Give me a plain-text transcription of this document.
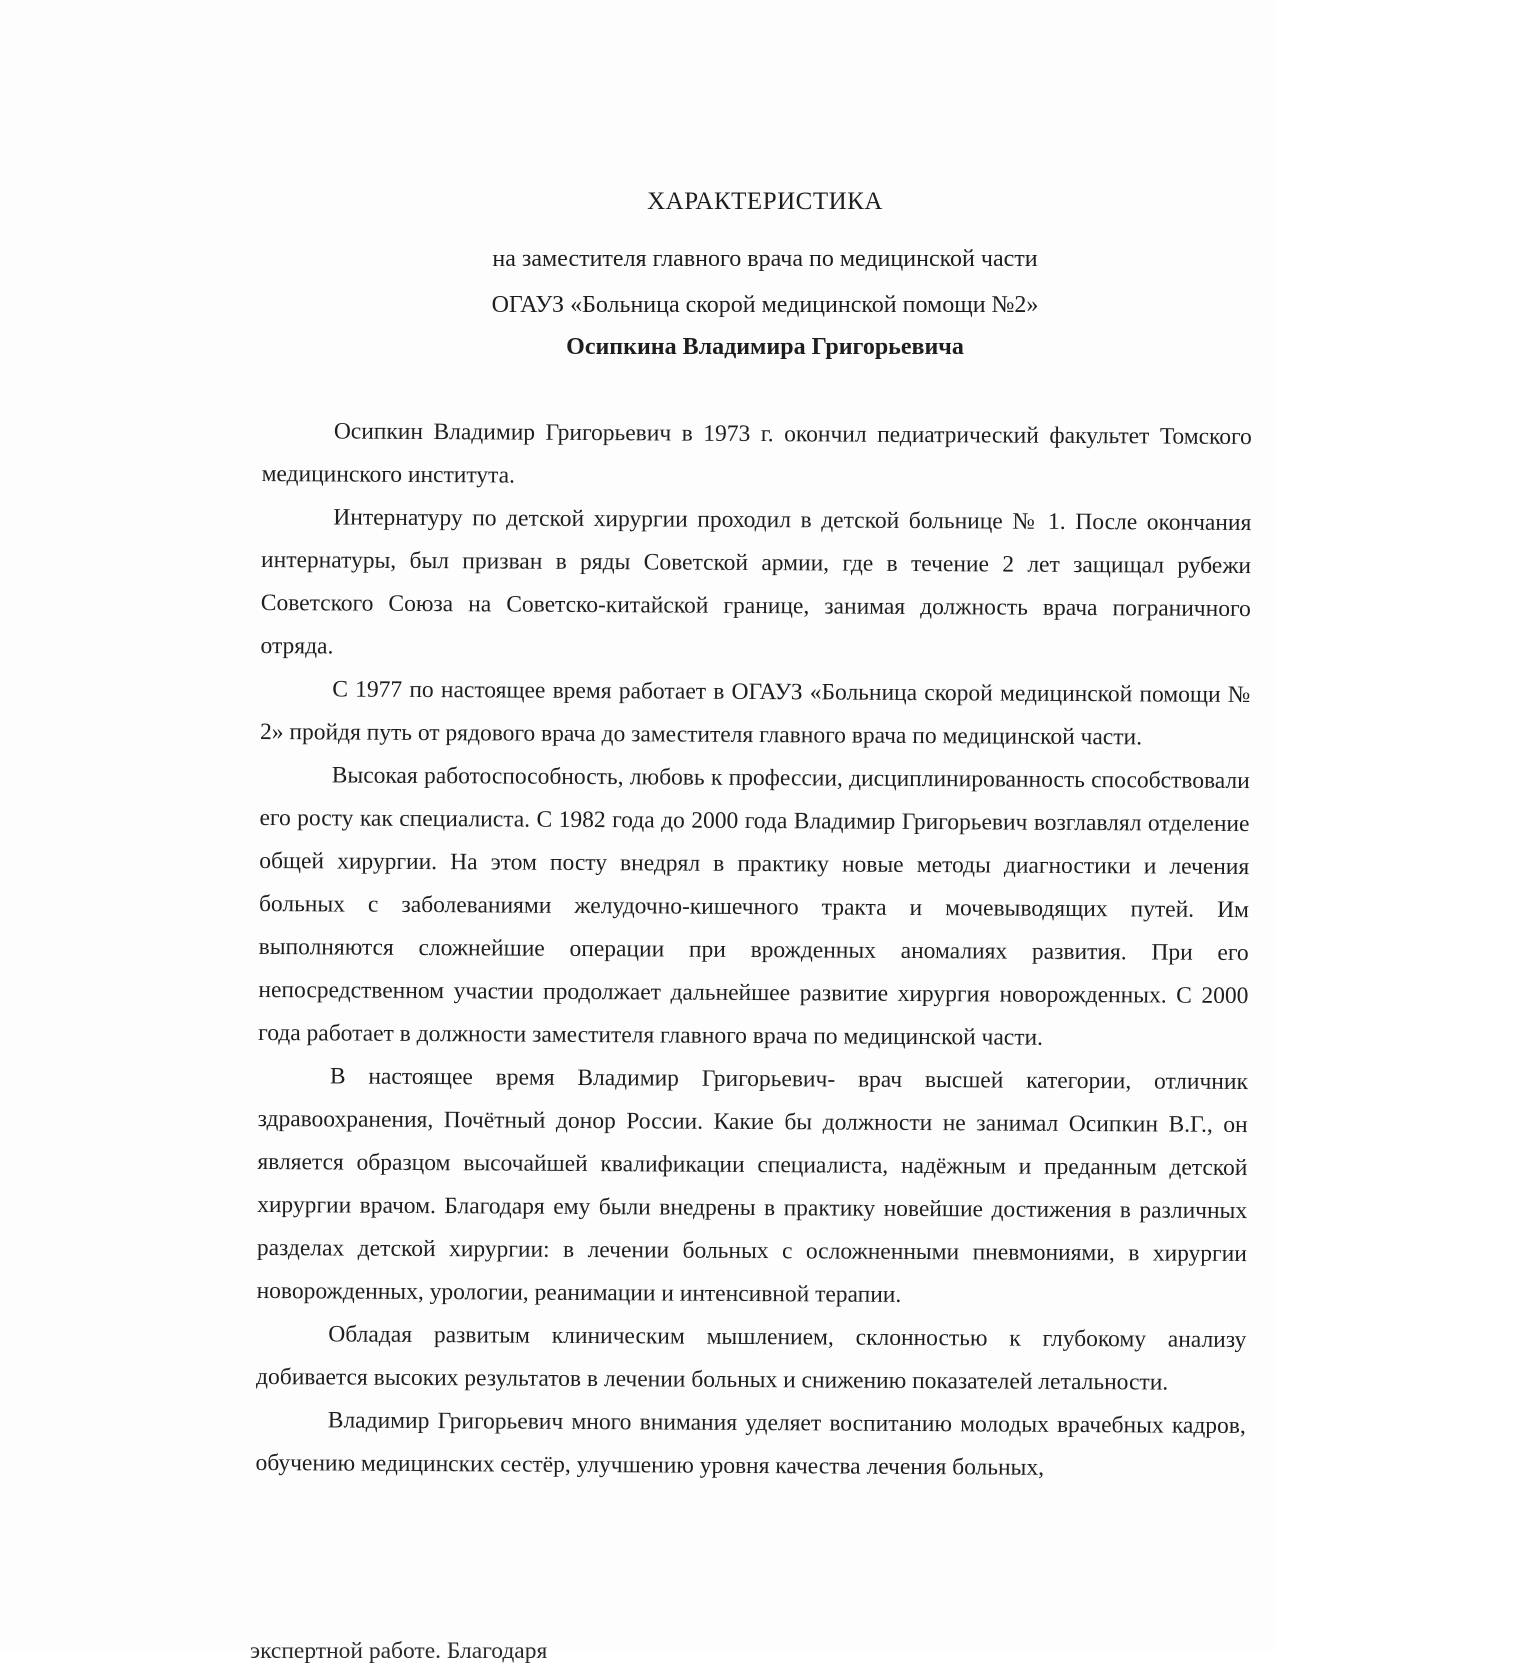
ХАРАКТЕРИСТИКА
на заместителя главного врача по медицинской части
ОГАУЗ «Больница скорой медицинской помощи №2»
Осипкина Владимира Григорьевича

Осипкин Владимир Григорьевич в 1973 г. окончил педиатрический факультет Томского медицинского института.

Интернатуру по детской хирургии проходил в детской больнице № 1. После окончания интернатуры, был призван в ряды Советской армии, где в течение 2 лет защищал рубежи Советского Союза на Советско-китайской границе, занимая должность врача пограничного отряда.

С 1977 по настоящее время работает в ОГАУЗ «Больница скорой медицинской помощи № 2» пройдя путь от рядового врача до заместителя главного врача по медицинской части.

Высокая работоспособность, любовь к профессии, дисциплинированность способствовали его росту как специалиста. С 1982 года до 2000 года Владимир Григорьевич возглавлял отделение общей хирургии. На этом посту внедрял в практику новые методы диагностики и лечения больных с заболеваниями желудочно-кишечного тракта и мочевыводящих путей. Им выполняются сложнейшие операции при врожденных аномалиях развития. При его непосредственном участии продолжает дальнейшее развитие хирургия новорожденных. С 2000 года работает в должности заместителя главного врача по медицинской части.

В настоящее время Владимир Григорьевич- врач высшей категории, отличник здравоохранения, Почётный донор России. Какие бы должности не занимал Осипкин В.Г., он является образцом высочайшей квалификации специалиста, надёжным и преданным детской хирургии врачом. Благодаря ему были внедрены в практику новейшие достижения в различных разделах детской хирургии: в лечении больных с осложненными пневмониями, в хирургии новорожденных, урологии, реанимации и интенсивной терапии.

Обладая развитым клиническим мышлением, склонностью к глубокому анализу добивается высоких результатов в лечении больных и снижению показателей летальности.

Владимир Григорьевич много внимания уделяет воспитанию молодых врачебных кадров, обучению медицинских сестёр, улучшению уровня качества лечения больных,

экспертной работе. Благодаря
